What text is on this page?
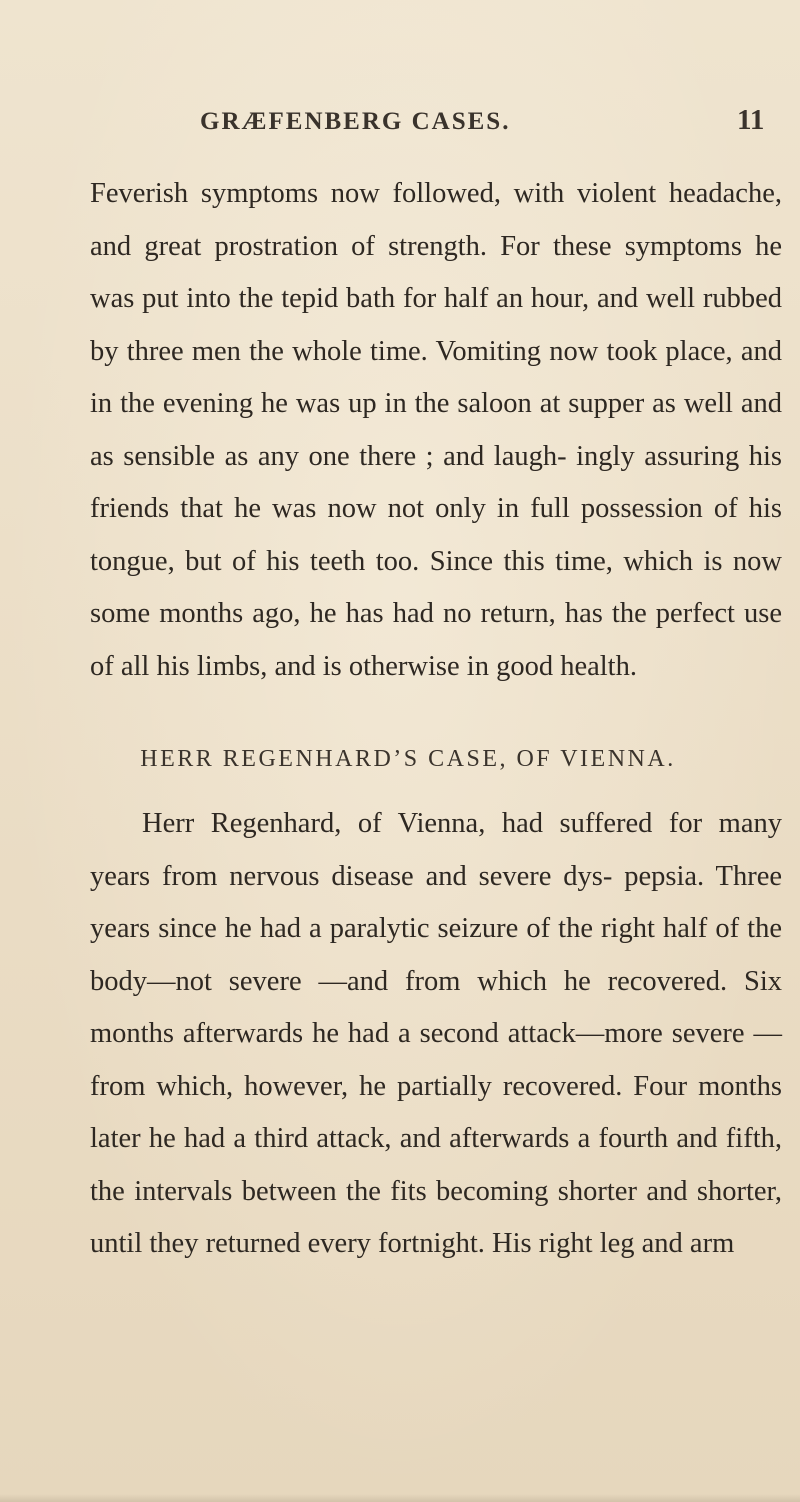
GRÆFENBERG CASES.	11

Feverish symptoms now followed, with violent headache, and great prostration of strength. For these symptoms he was put into the tepid bath for half an hour, and well rubbed by three men the whole time. Vomiting now took place, and in the evening he was up in the saloon at supper as well and as sensible as any one there ; and laugh- ingly assuring his friends that he was now not only in full possession of his tongue, but of his teeth too. Since this time, which is now some months ago, he has had no return, has the perfect use of all his limbs, and is otherwise in good health.

HERR REGENHARD’S CASE, OF VIENNA.

Herr Regenhard, of Vienna, had suffered for many years from nervous disease and severe dys- pepsia. Three years since he had a paralytic seizure of the right half of the body—not severe —and from which he recovered. Six months afterwards he had a second attack—more severe —from which, however, he partially recovered. Four months later he had a third attack, and afterwards a fourth and fifth, the intervals between the fits becoming shorter and shorter, until they returned every fortnight. His right leg and arm
